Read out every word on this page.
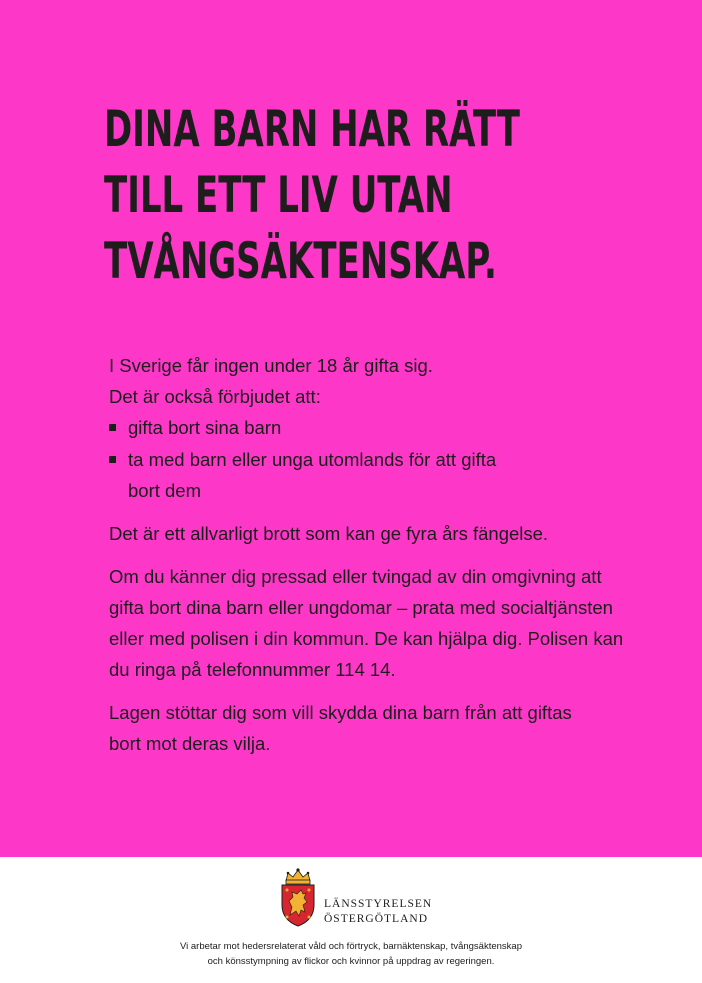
DINA BARN HAR RÄTT
TILL ETT LIV UTAN
TVÅNGSÄKTENSKAP.

I Sverige får ingen under 18 år gifta sig.

Det är också förbjudet att:

gifta bort sina barn
ta med barn eller unga utomlands för att gifta bort dem

Det är ett allvarligt brott som kan ge fyra års fängelse.

Om du känner dig pressad eller tvingad av din omgivning att gifta bort dina barn eller ungdomar – prata med socialtjänsten eller med polisen i din kommun. De kan hjälpa dig. Polisen kan du ringa på telefonnummer 114 14.

Lagen stöttar dig som vill skydda dina barn från att giftas bort mot deras vilja.

LÄNSSTYRELSEN
ÖSTERGÖTLAND
Vi arbetar mot hedersrelaterat våld och förtryck, barnäktenskap, tvångsäktenskap
och könsstympning av flickor och kvinnor på uppdrag av regeringen.
